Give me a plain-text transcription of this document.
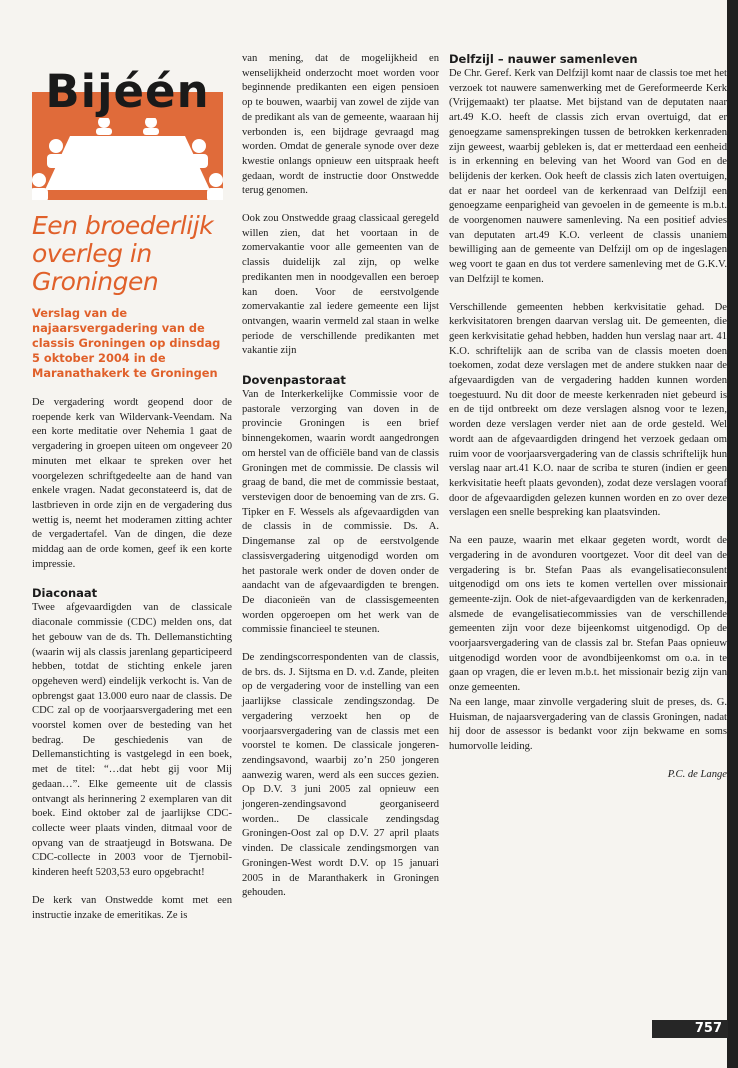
Bijéén
Een broederlijk overleg in Groningen
Verslag van de najaarsvergadering van de classis Groningen op dinsdag 5 oktober 2004 in de Maranathakerk te Groningen

De vergadering wordt geopend door de roepende kerk van Wildervank-Veendam. Na een korte meditatie over Nehemia 1 gaat de vergadering in groepen uiteen om ongeveer 20 minuten met elkaar te spreken over het voorgelezen schriftgedeelte aan de hand van enkele vragen. Nadat geconstateerd is, dat de lastbrieven in orde zijn en de vergadering dus wettig is, neemt het moderamen zitting achter de vergadertafel. Van de dingen, die deze middag aan de orde komen, geef ik een korte impressie.

Diaconaat

Twee afgevaardigden van de classicale diaconale commissie (CDC) melden ons, dat het gebouw van de ds. Th. Dellemanstichting (waarin wij als classis jarenlang geparticipeerd hebben, totdat de stichting enkele jaren opgeheven werd) eindelijk verkocht is. Van de opbrengst gaat 13.000 euro naar de classis. De CDC zal op de voorjaarsvergadering met een voorstel komen over de besteding van het bedrag. De geschiedenis van de Dellemanstichting is vastgelegd in een boek, met de titel: “…dat hebt gij voor Mij gedaan…”. Elke gemeente uit de classis ontvangt als herinnering 2 exemplaren van dit boek. Eind oktober zal de jaarlijkse CDC-collecte weer plaats vinden, ditmaal voor de opvang van de straatjeugd in Botswana. De CDC-collecte in 2003 voor de Tjernobil-kinderen heeft 5203,53 euro opgebracht!

De kerk van Onstwedde komt met een instructie inzake de emeritikas. Ze is

van mening, dat de mogelijkheid en wenselijkheid onderzocht moet worden voor beginnende predikanten een eigen pensioen op te bouwen, waarbij van zowel de zijde van de predikant als van de gemeente, waaraan hij verbonden is, een bijdrage gevraagd mag worden. Omdat de generale synode over deze kwestie onlangs opnieuw een uitspraak heeft gedaan, wordt de instructie door Onstwedde terug genomen.

Ook zou Onstwedde graag classicaal geregeld willen zien, dat het voortaan in de zomervakantie voor alle gemeenten van de classis duidelijk zal zijn, op welke predikanten men in noodgevallen een beroep kan doen. Voor de eerstvolgende zomervakantie zal iedere gemeente een lijst ontvangen, waarin vermeld zal staan in welke periode de verschillende predikanten met vakantie zijn

Dovenpastoraat

Van de Interkerkelijke Commissie voor de pastorale verzorging van doven in de provincie Groningen is een brief binnengekomen, waarin wordt aangedrongen om herstel van de officiële band van de classis Groningen met de commissie. De classis wil graag de band, die met de commissie bestaat, verstevigen door de benoeming van de zrs. G. Tipker en F. Wessels als afgevaardigden van de classis in de commissie. Ds. A. Dingemanse zal op de eerstvolgende classisvergadering uitgenodigd worden om het pastorale werk onder de doven onder de aandacht van de afgevaardigden te brengen. De diaconieën van de classisgemeenten worden opgeroepen om het werk van de commissie financieel te steunen.

De zendingscorrespondenten van de classis, de brs. ds. J. Sijtsma en D. v.d. Zande, pleiten op de vergadering voor de instelling van een jaarlijkse classicale zendingszondag. De vergadering verzoekt hen op de voorjaarsvergadering van de classis met een voorstel te komen. De classicale jongeren-zendingsavond, waarbij zo’n 250 jongeren aanwezig waren, werd als een succes gezien. Op D.V. 3 juni 2005 zal opnieuw een jongeren-zendingsavond georganiseerd worden.. De classicale zendingsdag Groningen-Oost zal op D.V. 27 april plaats vinden. De classicale zendingsmorgen van Groningen-West wordt D.V. op 15 januari 2005 in de Maranthakerk in Groningen gehouden.

Delfzijl – nauwer samenleven

De Chr. Geref. Kerk van Delfzijl komt naar de classis toe met het verzoek tot nauwere samenwerking met de Gereformeerde Kerk (Vrijgemaakt) ter plaatse. Met bijstand van de deputaten naar art.49 K.O. heeft de classis zich ervan overtuigd, dat er genoegzame samensprekingen tussen de betrokken kerkenraden zijn geweest, waarbij gebleken is, dat er metterdaad een eenheid is in erkenning en beleving van het Woord van God en de belijdenis der kerken. Ook heeft de classis zich laten overtuigen, dat er naar het oordeel van de kerkenraad van Delfzijl een genoegzame eenparigheid van gevoelen in de gemeente is m.b.t. de voorgenomen nauwere samenleving. Na een positief advies van deputaten art.49 K.O. verleent de classis unaniem bewilliging aan de gemeente van Delfzijl om op de ingeslagen weg voort te gaan en dus tot verdere samenleving met de G.K.V. van Delfzijl te komen.

Verschillende gemeenten hebben kerkvisitatie gehad. De kerkvisitatoren brengen daarvan verslag uit. De gemeenten, die geen kerkvisitatie gehad hebben, hadden hun verslag naar art. 41 K.O. schriftelijk aan de scriba van de classis moeten doen toekomen, zodat deze verslagen met de andere stukken naar de afgevaardigden van de vergadering hadden kunnen worden toegestuurd. Nu dit door de meeste kerkenraden niet gebeurd is en de tijd ontbreekt om deze verslagen alsnog voor te lezen, worden deze verslagen verder niet aan de orde gesteld. Wel wordt aan de afgevaardigden dringend het verzoek gedaan om ruim voor de voorjaarsvergadering van de classis schriftelijk hun verslag naar art.41 K.O. naar de scriba te sturen (indien er geen kerkvisitatie heeft plaats gevonden), zodat deze verslagen vooraf door de afgevaardigden gelezen kunnen worden en zo over deze verslagen een snelle bespreking kan plaatsvinden.

Na een pauze, waarin met elkaar gegeten wordt, wordt de vergadering in de avonduren voortgezet. Voor dit deel van de vergadering is br. Stefan Paas als evangelisatieconsulent uitgenodigd om ons iets te komen vertellen over missionair gemeente-zijn. Ook de niet-afgevaardigden van de kerkenraden, alsmede de evangelisatiecommissies van de verschillende gemeenten zijn voor deze bijeenkomst uitgenodigd. Op de voorjaarsvergadering van de classis zal br. Stefan Paas opnieuw uitgenodigd worden voor de avondbijeenkomst om o.a. in te gaan op vragen, die er leven m.b.t. het missionair bezig zijn van onze gemeenten.

Na een lange, maar zinvolle vergadering sluit de preses, ds. G. Huisman, de najaarsvergadering van de classis Groningen, nadat hij door de assessor is bedankt voor zijn bekwame en soms humorvolle leiding.

P.C. de Lange

757
